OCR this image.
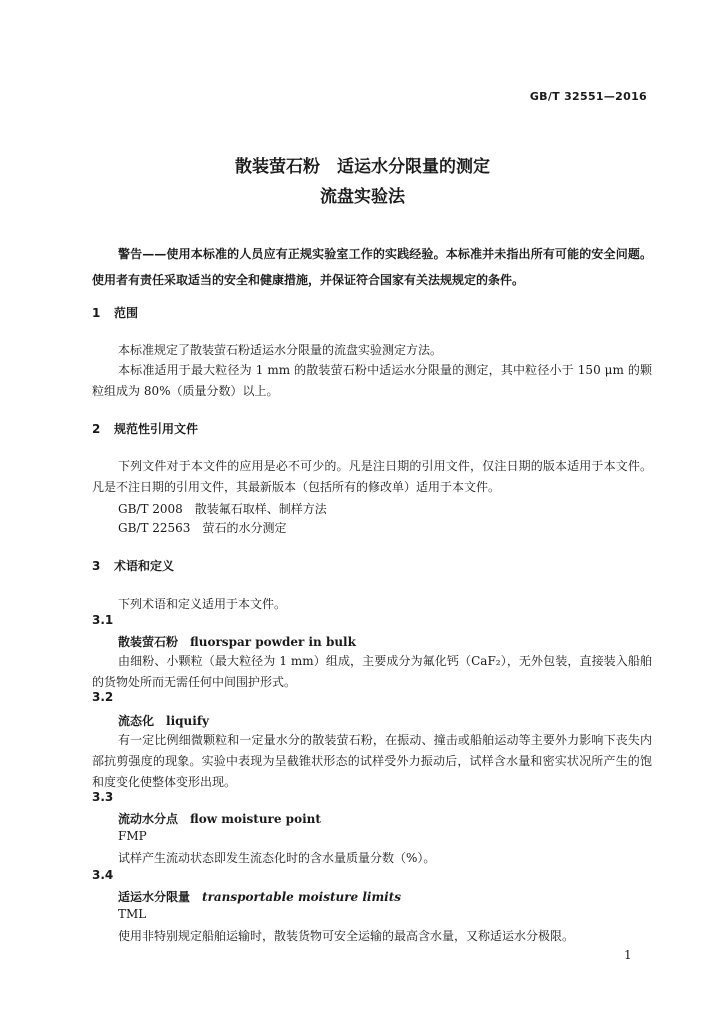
GB/T 32551—2016
散装萤石粉　适运水分限量的测定
流盘实验法
警告——使用本标准的人员应有正规实验室工作的实践经验。本标准并未指出所有可能的安全问题。使用者有责任采取适当的安全和健康措施，并保证符合国家有关法规规定的条件。
1 范围
本标准规定了散装萤石粉适运水分限量的流盘实验测定方法。
本标准适用于最大粒径为 1 mm 的散装萤石粉中适运水分限量的测定，其中粒径小于 150 μm 的颗粒组成为 80%（质量分数）以上。
2 规范性引用文件
下列文件对于本文件的应用是必不可少的。凡是注日期的引用文件，仅注日期的版本适用于本文件。凡是不注日期的引用文件，其最新版本（包括所有的修改单）适用于本文件。
GB/T 2008　散装氟石取样、制样方法
GB/T 22563　萤石的水分测定
3 术语和定义
下列术语和定义适用于本文件。
3.1
散装萤石粉　 fluorspar powder in bulk
由细粉、小颗粒（最大粒径为 1 mm）组成，主要成分为氟化钙（CaF₂），无外包装，直接装入船舶的货物处所而无需任何中间围护形式。
3.2
流态化　 liquify
有一定比例细微颗粒和一定量水分的散装萤石粉，在振动、撞击或船舶运动等主要外力影响下丧失内部抗剪强度的现象。实验中表现为呈截锥状形态的试样受外力振动后，试样含水量和密实状况所产生的饱和度变化使整体变形出现。
3.3
流动水分点　 flow moisture point
FMP
试样产生流动状态即发生流态化时的含水量质量分数（%）。
3.4
适运水分限量　 transportable moisture limits
TML
使用非特别规定船舶运输时，散装货物可安全运输的最高含水量，又称适运水分极限。
1
